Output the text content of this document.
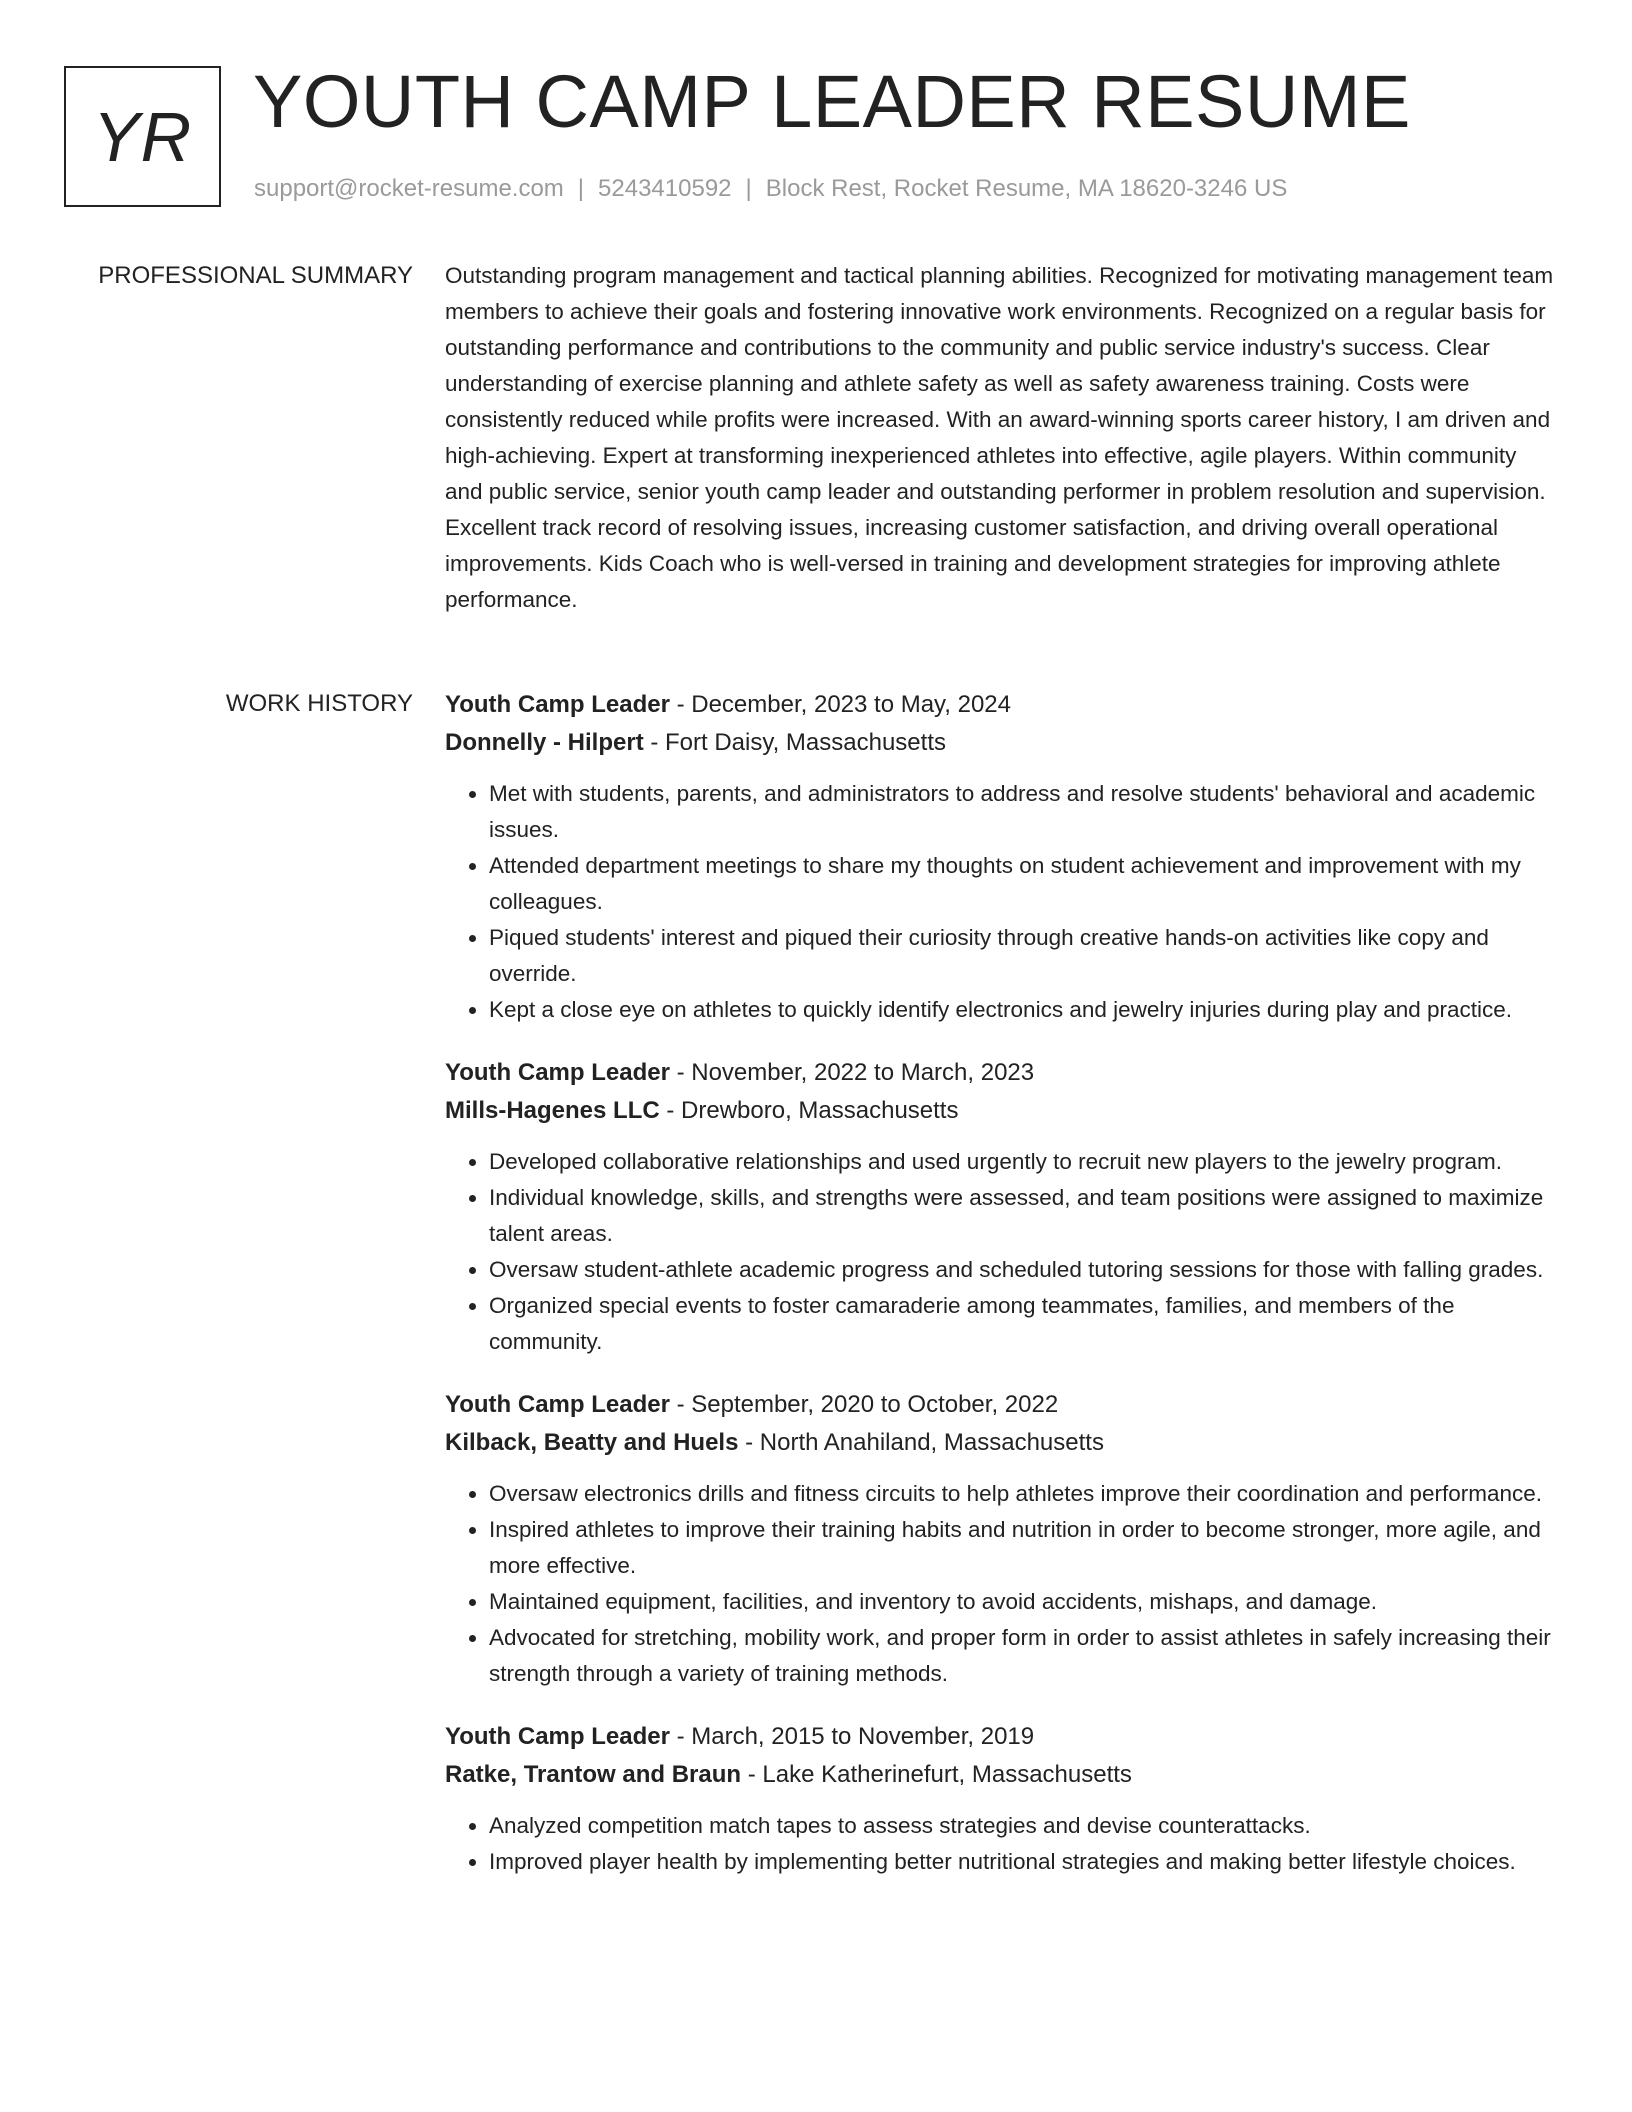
YR YOUTH CAMP LEADER RESUME
support@rocket-resume.com | 5243410592 | Block Rest, Rocket Resume, MA 18620-3246 US
PROFESSIONAL SUMMARY Outstanding program management and tactical planning abilities. Recognized for motivating management team members to achieve their goals and fostering innovative work environments. Recognized on a regular basis for outstanding performance and contributions to the community and public service industry's success. Clear understanding of exercise planning and athlete safety as well as safety awareness training. Costs were consistently reduced while profits were increased. With an award-winning sports career history, I am driven and high-achieving. Expert at transforming inexperienced athletes into effective, agile players. Within community and public service, senior youth camp leader and outstanding performer in problem resolution and supervision. Excellent track record of resolving issues, increasing customer satisfaction, and driving overall operational improvements. Kids Coach who is well-versed in training and development strategies for improving athlete performance.

WORK HISTORY Youth Camp Leader - December, 2023 to May, 2024
Donnelly - Hilpert - Fort Daisy, Massachusetts
• Met with students, parents, and administrators to address and resolve students' behavioral and academic issues.
• Attended department meetings to share my thoughts on student achievement and improvement with my colleagues.
• Piqued students' interest and piqued their curiosity through creative hands-on activities like copy and override.
• Kept a close eye on athletes to quickly identify electronics and jewelry injuries during play and practice.
Youth Camp Leader - November, 2022 to March, 2023
Mills-Hagenes LLC - Drewboro, Massachusetts
• Developed collaborative relationships and used urgently to recruit new players to the jewelry program.
• Individual knowledge, skills, and strengths were assessed, and team positions were assigned to maximize talent areas.
• Oversaw student-athlete academic progress and scheduled tutoring sessions for those with falling grades.
• Organized special events to foster camaraderie among teammates, families, and members of the community.
Youth Camp Leader - September, 2020 to October, 2022
Kilback, Beatty and Huels - North Anahiland, Massachusetts
• Oversaw electronics drills and fitness circuits to help athletes improve their coordination and performance.
• Inspired athletes to improve their training habits and nutrition in order to become stronger, more agile, and more effective.
• Maintained equipment, facilities, and inventory to avoid accidents, mishaps, and damage.
• Advocated for stretching, mobility work, and proper form in order to assist athletes in safely increasing their strength through a variety of training methods.
Youth Camp Leader - March, 2015 to November, 2019
Ratke, Trantow and Braun - Lake Katherinefurt, Massachusetts
• Analyzed competition match tapes to assess strategies and devise counterattacks.
• Improved player health by implementing better nutritional strategies and making better lifestyle choices.
